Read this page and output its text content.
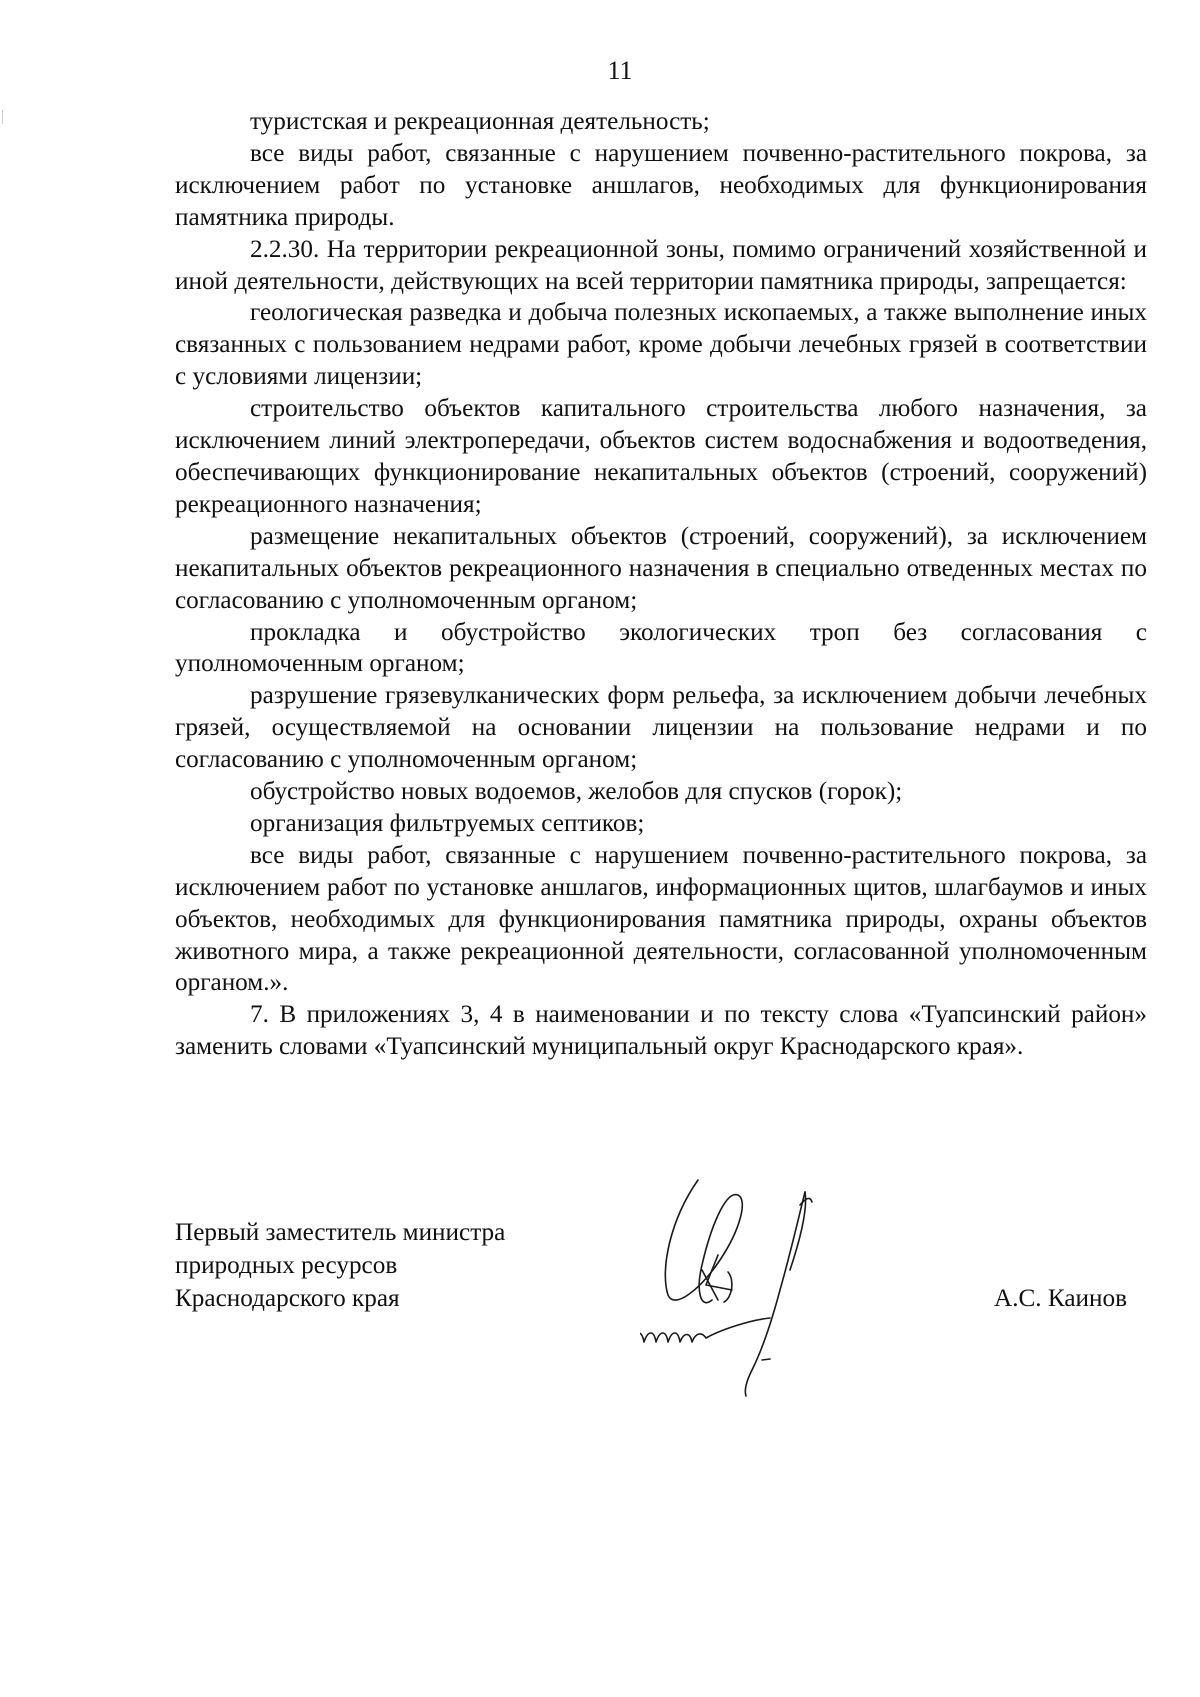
11

туристская и рекреационная деятельность;

все виды работ, связанные с нарушением почвенно-растительного покрова, за исключением работ по установке аншлагов, необходимых для функционирования памятника природы.

2.2.30. На территории рекреационной зоны, помимо ограничений хозяйственной и иной деятельности, действующих на всей территории памятника природы, запрещается:

геологическая разведка и добыча полезных ископаемых, а также выполнение иных связанных с пользованием недрами работ, кроме добычи лечебных грязей в соответствии с условиями лицензии;

строительство объектов капитального строительства любого назначения, за исключением линий электропередачи, объектов систем водоснабжения и водоотведения, обеспечивающих функционирование некапитальных объектов (строений, сооружений) рекреационного назначения;

размещение некапитальных объектов (строений, сооружений), за исключением некапитальных объектов рекреационного назначения в специально отведенных местах по согласованию с уполномоченным органом;

прокладка и обустройство экологических троп без согласования с уполномоченным органом;

разрушение грязевулканических форм рельефа, за исключением добычи лечебных грязей, осуществляемой на основании лицензии на пользование недрами и по согласованию с уполномоченным органом;

обустройство новых водоемов, желобов для спусков (горок);

организация фильтруемых септиков;

все виды работ, связанные с нарушением почвенно-растительного покрова, за исключением работ по установке аншлагов, информационных щитов, шлагбаумов и иных объектов, необходимых для функционирования памятника природы, охраны объектов животного мира, а также рекреационной деятельности, согласованной уполномоченным органом.».

7. В приложениях 3, 4 в наименовании и по тексту слова «Туапсинский район» заменить словами «Туапсинский муниципальный округ Краснодарского края».

Первый заместитель министра
природных ресурсов
Краснодарского края	А.С. Каинов
